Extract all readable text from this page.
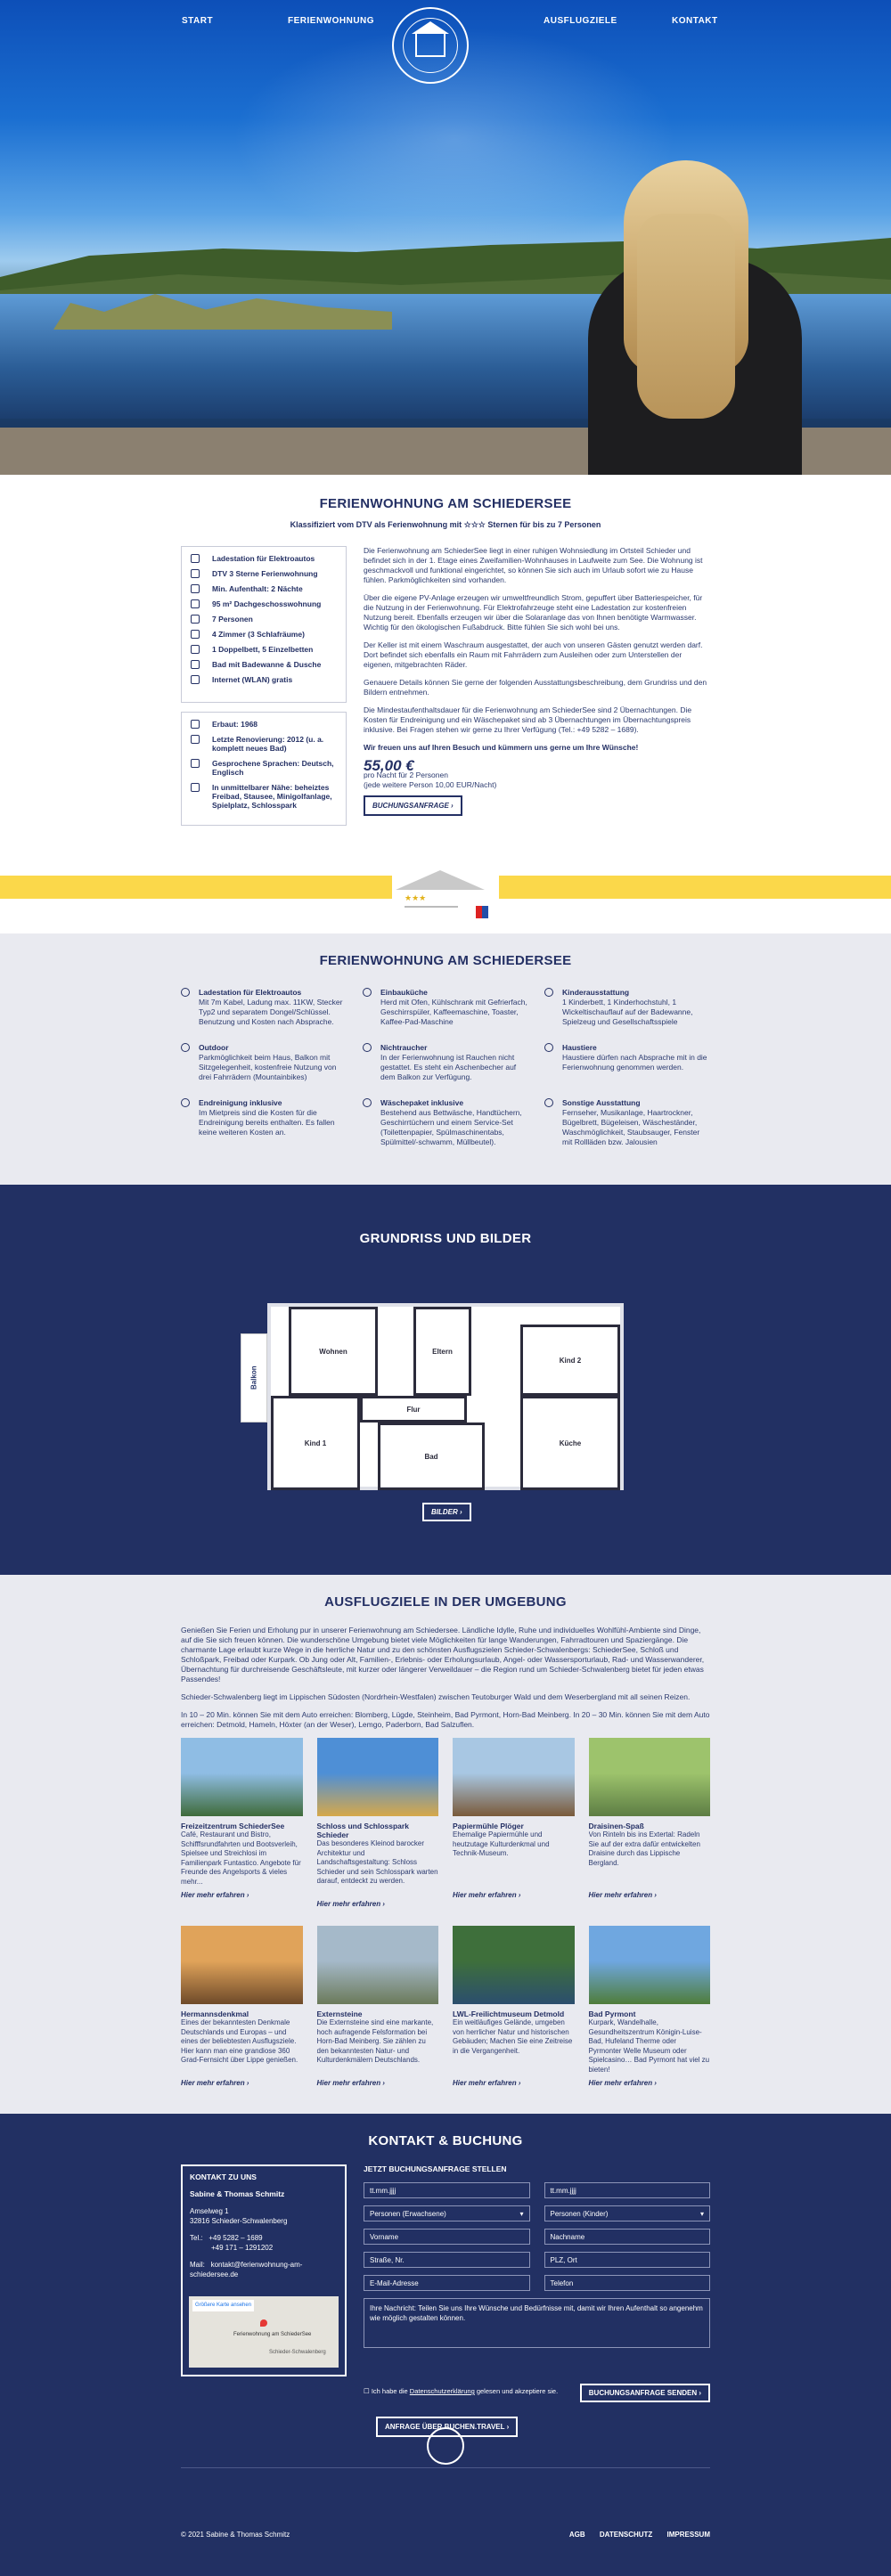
START	FERIENWOHNUNG	AUSFLUGZIELE	KONTAKT
FERIENWOHNUNG AM SCHIEDERSEE
Klassifiziert vom DTV als Ferienwohnung mit ☆☆☆ Sternen für bis zu 7 Personen
Ladestation für Elektroautos
DTV 3 Sterne Ferienwohnung
Min. Aufenthalt: 2 Nächte
95 m² Dachgeschosswohnung
7 Personen
4 Zimmer (3 Schlafräume)
1 Doppelbett, 5 Einzelbetten
Bad mit Badewanne & Dusche
Internet (WLAN) gratis
Erbaut: 1968
Letzte Renovierung: 2012 (u. a. komplett neues Bad)
Gesprochene Sprachen: Deutsch, Englisch
In unmittelbarer Nähe: beheiztes Freibad, Stausee, Minigolfanlage, Spielplatz, Schlosspark

Die Ferienwohnung am SchiederSee liegt in einer ruhigen Wohnsiedlung im Ortsteil Schieder und befindet sich in der 1. Etage eines Zweifamilien-Wohnhauses in Laufweite zum See. Die Wohnung ist geschmackvoll und funktional eingerichtet, so können Sie sich auch im Urlaub sofort wie zu Hause fühlen. Parkmöglichkeiten sind vorhanden.

Über die eigene PV-Anlage erzeugen wir umweltfreundlich Strom, gepuffert über Batteriespeicher, für die Nutzung in der Ferienwohnung. Für Elektrofahrzeuge steht eine Ladestation zur kostenfreien Nutzung bereit. Ebenfalls erzeugen wir über die Solaranlage das von Ihnen benötigte Warmwasser. Wichtig für den ökologischen Fußabdruck. Bitte fühlen Sie sich wohl bei uns.

Der Keller ist mit einem Waschraum ausgestattet, der auch von unseren Gästen genutzt werden darf. Dort befindet sich ebenfalls ein Raum mit Fahrrädern zum Ausleihen oder zum Unterstellen der eigenen, mitgebrachten Räder.

Genauere Details können Sie gerne der folgenden Ausstattungsbeschreibung, dem Grundriss und den Bildern entnehmen.

Die Mindestaufenthaltsdauer für die Ferienwohnung am SchiederSee sind 2 Übernachtungen. Die Kosten für Endreinigung und ein Wäschepaket sind ab 3 Übernachtungen im Übernachtungspreis inklusive. Bei Fragen stehen wir gerne zu Ihrer Verfügung (Tel.: +49 5282 – 1689).

Wir freuen uns auf Ihren Besuch und kümmern uns gerne um Ihre Wünsche!

55,00 €
pro Nacht für 2 Personen
(jede weitere Person 10,00 EUR/Nacht)
BUCHUNGSANFRAGE ›
★★★
FERIENWOHNUNG AM SCHIEDERSEE
Ladestation für Elektroautos
Mit 7m Kabel, Ladung max. 11KW, Stecker Typ2 und separatem Dongel/Schlüssel. Benutzung und Kosten nach Absprache.
Einbauküche
Herd mit Ofen, Kühlschrank mit Gefrierfach, Geschirrspüler, Kaffeemaschine, Toaster, Kaffee-Pad-Maschine
Kinderausstattung
1 Kinderbett, 1 Kinderhochstuhl, 1 Wickeltischauflauf auf der Badewanne, Spielzeug und Gesellschaftsspiele
Outdoor
Parkmöglichkeit beim Haus, Balkon mit Sitzgelegenheit, kostenfreie Nutzung von drei Fahrrädern (Mountainbikes)
Nichtraucher
In der Ferienwohnung ist Rauchen nicht gestattet. Es steht ein Aschenbecher auf dem Balkon zur Verfügung.
Haustiere
Haustiere dürfen nach Absprache mit in die Ferienwohnung genommen werden.
Endreinigung inklusive
Im Mietpreis sind die Kosten für die Endreinigung bereits enthalten. Es fallen keine weiteren Kosten an.
Wäschepaket inklusive
Bestehend aus Bettwäsche, Handtüchern, Geschirrtüchern und einem Service-Set (Toilettenpapier, Spülmaschinentabs, Spülmittel/-schwamm, Müllbeutel).
Sonstige Ausstattung
Fernseher, Musikanlage, Haartrockner, Bügelbrett, Bügeleisen, Wäscheständer, Waschmöglichkeit, Staubsauger, Fenster mit Rollläden bzw. Jalousien
GRUNDRISS UND BILDER
Balkon
Wohnen	Eltern
Kind 2
Kind 1
Flur
Bad
Küche
BILDER ›
AUSFLUGZIELE IN DER UMGEBUNG

Genießen Sie Ferien und Erholung pur in unserer Ferienwohnung am Schiedersee. Ländliche Idylle, Ruhe und individuelles Wohlfühl-Ambiente sind Dinge, auf die Sie sich freuen können. Die wunderschöne Umgebung bietet viele Möglichkeiten für lange Wanderungen, Fahrradtouren und Spaziergänge. Die charmante Lage erlaubt kurze Wege in die herrliche Natur und zu den schönsten Ausflugszielen Schieder-Schwalenbergs: SchiederSee, Schloß und Schloßpark, Freibad oder Kurpark. Ob Jung oder Alt, Familien-, Erlebnis- oder Erholungsurlaub, Angel- oder Wassersporturlaub, Rad- und Wasserwanderer, Übernachtung für durchreisende Geschäftsleute, mit kurzer oder längerer Verweildauer – die Region rund um Schieder-Schwalenberg bietet für jeden etwas Passendes!

Schieder-Schwalenberg liegt im Lippischen Südosten (Nordrhein-Westfalen) zwischen Teutoburger Wald und dem Weserbergland mit all seinen Reizen.

In 10 – 20 Min. können Sie mit dem Auto erreichen: Blomberg, Lügde, Steinheim, Bad Pyrmont, Horn-Bad Meinberg. In 20 – 30 Min. können Sie mit dem Auto erreichen: Detmold, Hameln, Höxter (an der Weser), Lemgo, Paderborn, Bad Salzuflen.

Freizeitzentrum SchiederSee
Café, Restaurant und Bistro, Schifffsrundfahrten und Bootsverleih, Spielsee und Streichlosi im Familienpark Funtastico. Angebote für Freunde des Angelsports & vieles mehr...
Hier mehr erfahren ›
Schloss und Schlosspark Schieder
Das besonderes Kleinod barocker Architektur und Landschaftsgestaltung: Schloss Schieder und sein Schlosspark warten darauf, entdeckt zu werden.
Hier mehr erfahren ›
Papiermühle Plöger
Ehemalige Papiermühle und heutzutage Kulturdenkmal und Technik-Museum.
Hier mehr erfahren ›
Draisinen-Spaß
Von Rinteln bis ins Extertal: Radeln Sie auf der extra dafür entwickelten Draisine durch das Lippische Bergland.
Hier mehr erfahren ›
Hermannsdenkmal
Eines der bekanntesten Denkmale Deutschlands und Europas – und eines der beliebtesten Ausflugsziele. Hier kann man eine grandiose 360 Grad-Fernsicht über Lippe genießen.
Hier mehr erfahren ›
Externsteine
Die Externsteine sind eine markante, hoch aufragende Felsformation bei Horn-Bad Meinberg. Sie zählen zu den bekanntesten Natur- und Kulturdenkmälern Deutschlands.
Hier mehr erfahren ›
LWL-Freilichtmuseum Detmold
Ein weitläufiges Gelände, umgeben von herrlicher Natur und historischen Gebäuden; Machen Sie eine Zeitreise in die Vergangenheit.
Hier mehr erfahren ›
Bad Pyrmont
Kurpark, Wandelhalle, Gesundheitszentrum Königin-Luise-Bad, Hufeland Therme oder Pyrmonter Welle Museum oder Spielcasino… Bad Pyrmont hat viel zu bieten!
Hier mehr erfahren ›
KONTAKT & BUCHUNG
KONTAKT ZU UNS
Sabine & Thomas Schmitz
Amselweg 1
32816 Schieder-Schwalenberg
Tel.: +49 5282 – 1689
+49 171 – 1291202
Mail: kontakt@ferienwohnung-am-schiedersee.de
Größere Karte ansehen
Ferienwohnung am SchiederSee
Schieder-Schwalenberg
JETZT BUCHUNGSANFRAGE STELLEN
tt.mm.jjjj	tt.mm.jjjj
Personen (Erwachsene)	▾	Personen (Kinder)	▾
Vorname	Nachname
Straße, Nr.	PLZ, Ort
E-Mail-Adresse	Telefon
Ihre Nachricht: Teilen Sie uns Ihre Wünsche und Bedürfnisse mit, damit wir Ihren Aufenthalt so angenehm wie möglich gestalten können.
☐ Ich habe die Datenschutzerklärung gelesen und akzeptiere sie.	BUCHUNGSANFRAGE SENDEN ›
ANFRAGE ÜBER BUCHEN.TRAVEL ›
© 2021 Sabine & Thomas Schmitz	AGB DATENSCHUTZ IMPRESSUM
